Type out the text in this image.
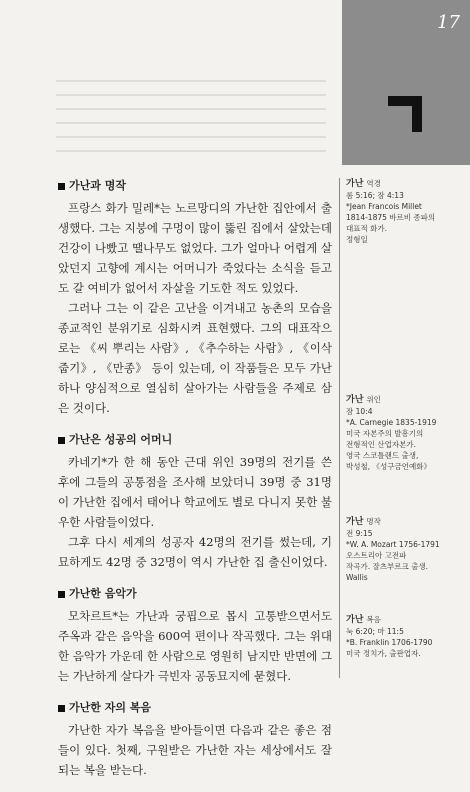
17
가난과 명작

프랑스 화가 밀레*는 노르망디의 가난한 집안에서 출생했다. 그는 지붕에 구멍이 많이 뚫린 집에서 살았는데 건강이 나빴고 땔나무도 없었다. 그가 얼마나 어렵게 살았던지 고향에 계시는 어머니가 죽었다는 소식을 듣고도 갈 여비가 없어서 자살을 기도한 적도 있었다.

그러나 그는 이 같은 고난을 이겨내고 농촌의 모습을 종교적인 분위기로 심화시켜 표현했다. 그의 대표작으로는 《씨 뿌리는 사람》, 《추수하는 사람》, 《이삭 줍기》, 《만종》 등이 있는데, 이 작품들은 모두 가난하나 양심적으로 열심히 살아가는 사람들을 주제로 삼은 것이다.

가난은 성공의 어머니

카네기*가 한 해 동안 근대 위인 39명의 전기를 쓴 후에 그들의 공통점을 조사해 보았더니 39명 중 31명이 가난한 집에서 태어나 학교에도 별로 다니지 못한 불우한 사람들이었다.

그후 다시 세계의 성공자 42명의 전기를 썼는데, 기묘하게도 42명 중 32명이 역시 가난한 집 출신이었다.

가난한 음악가

모차르트*는 가난과 궁핍으로 몹시 고통받으면서도 주옥과 같은 음악을 600여 편이나 작곡했다. 그는 위대한 음악가 가운데 한 사람으로 영원히 남지만 반면에 그는 가난하게 살다가 극빈자 공동묘지에 묻혔다.

가난한 자의 복음

가난한 자가 복음을 받아들이면 다음과 같은 좋은 점들이 있다. 첫째, 구원받은 가난한 자는 세상에서도 잘되는 복을 받는다.

가난 역경
롬 5:16; 잠 4:13
*Jean Francois Millet
1814-1875 바르비 종파의
대표적 화가.
정형일
가난 위인
잠 10:4
*A. Carnegie 1835-1919
미국 자본주의 발흥기의
전형적인 산업자본가.
영국 스코틀랜드 출생,
박성철, 《성구금언예화》
가난 명작
전 9:15
*W. A. Mozart 1756-1791
오스트리아 고전파
작곡가. 잘츠부르크 출생.
Wallis
가난 복음
눅 6:20; 마 11:5
*B. Franklin 1706-1790
미국 정치가, 출판업자.
